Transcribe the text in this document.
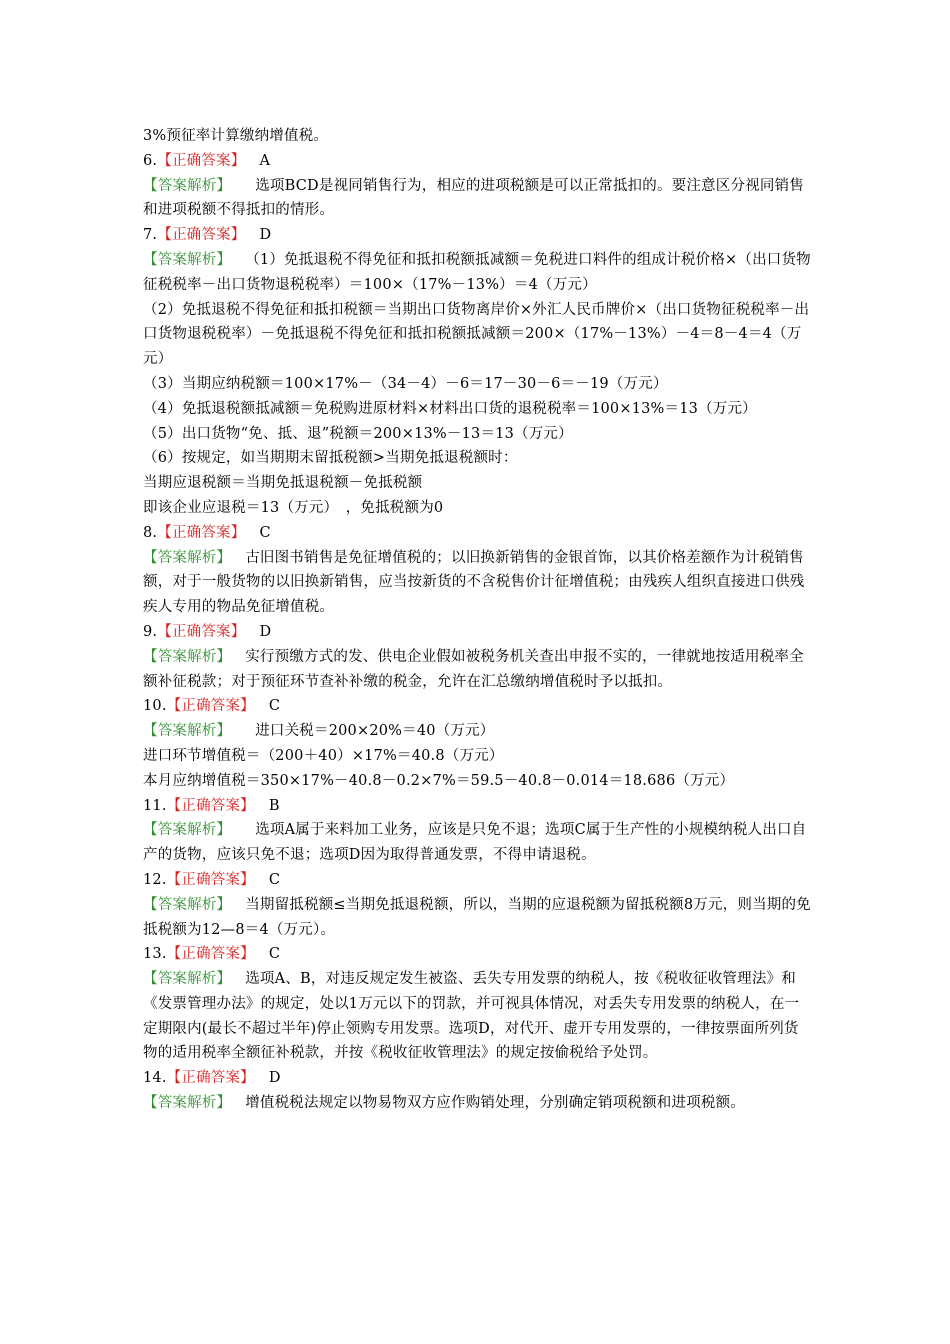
3%预征率计算缴纳增值税。
6.【正确答案】 A
【答案解析】 选项BCD是视同销售行为，相应的进项税额是可以正常抵扣的。要注意区分视同销售和进项税额不得抵扣的情形。
7.【正确答案】 D
【答案解析】 （1）免抵退税不得免征和抵扣税额抵减额＝免税进口料件的组成计税价格×（出口货物征税税率－出口货物退税税率）＝100×（17%－13%）＝4（万元）
（2）免抵退税不得免征和抵扣税额＝当期出口货物离岸价×外汇人民币牌价×（出口货物征税税率－出口货物退税税率）－免抵退税不得免征和抵扣税额抵减额＝200×（17%－13%）－4＝8－4＝4（万元）
（3）当期应纳税额＝100×17%－（34－4）－6＝17－30－6＝－19（万元）
（4）免抵退税额抵减额＝免税购进原材料×材料出口货的退税税率＝100×13%＝13（万元）
（5）出口货物“免、抵、退”税额＝200×13%－13＝13（万元）
（6）按规定，如当期期末留抵税额>当期免抵退税额时：
当期应退税额＝当期免抵退税额－免抵税额
即该企业应退税＝13（万元）　，免抵税额为0
8.【正确答案】 C
【答案解析】 古旧图书销售是免征增值税的；以旧换新销售的金银首饰，以其价格差额作为计税销售额，对于一般货物的以旧换新销售，应当按新货的不含税售价计征增值税；由残疾人组织直接进口供残疾人专用的物品免征增值税。
9.【正确答案】 D
【答案解析】 实行预缴方式的发、供电企业假如被税务机关查出申报不实的，一律就地按适用税率全额补征税款；对于预征环节查补补缴的税金，允许在汇总缴纳增值税时予以抵扣。
10.【正确答案】 C
【答案解析】 进口关税＝200×20%＝40（万元）
进口环节增值税＝（200＋40）×17%＝40.8（万元）
本月应纳增值税＝350×17%－40.8－0.2×7%＝59.5－40.8－0.014＝18.686（万元）
11.【正确答案】 B
【答案解析】 选项A属于来料加工业务，应该是只免不退；选项C属于生产性的小规模纳税人出口自产的货物，应该只免不退；选项D因为取得普通发票，不得申请退税。
12.【正确答案】 C
【答案解析】 当期留抵税额≤当期免抵退税额，所以，当期的应退税额为留抵税额8万元，则当期的免抵税额为12—8＝4（万元）。
13.【正确答案】 C
【答案解析】 选项A、B，对违反规定发生被盗、丢失专用发票的纳税人，按《税收征收管理法》和《发票管理办法》的规定，处以1万元以下的罚款，并可视具体情况，对丢失专用发票的纳税人，在一定期限内(最长不超过半年)停止领购专用发票。选项D，对代开、虚开专用发票的，一律按票面所列货物的适用税率全额征补税款，并按《税收征收管理法》的规定按偷税给予处罚。
14.【正确答案】 D
【答案解析】 增值税税法规定以物易物双方应作购销处理，分别确定销项税额和进项税额。
